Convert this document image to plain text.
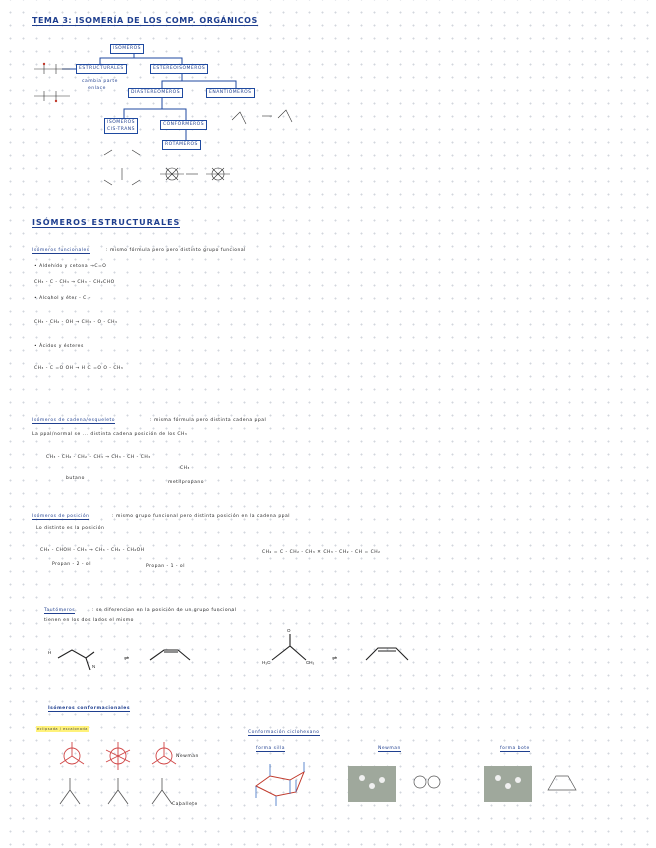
TEMA 3: ISOMERÍA DE LOS COMP. ORGÁNICOS
ISÓMEROS
ESTRUCTURALES	ESTEREOISÓMEROS
cambia parte
enlace
DIASTEREÓMEROS	ENANTIÓMEROS
ISÓMEROS
CIS-TRANS
CONFÓRMEROS
ROTÁMEROS
ISÓMEROS ESTRUCTURALES
Isómeros funcionales	: mismo fórmula pero pero distinto grupo funcional
• Aldehído y cetona →C=O
CH₃ - C - CH₃ → CH₃ - CH₂CHO
• Alcohol y éter - C -
CH₃ - CH₂ - OH → CH₃ - O - CH₃
• Ácidos y ésteres
CH₃ - C =O OH → H C =O O - CH₃
Isómeros de cadena/esqueleto	: misma fórmula pero distinta cadena ppal
La ppal/normal se ... distinta cadena posición de los CH₃
CH₃ - CH₂ - CH₂ - CH₃ → CH₃ - CH - CH₃
CH₃
butano
metilpropano
Isómeros de posición	: mismo grupo funcional pero distinta posición en la cadena ppal
Lo distinto es la posición
CH₃ - CHOH - CH₃ → CH₃ - CH₂ - CH₂OH
Propan - 2 - ol	Propan - 1 - ol
CH₂ = C - CH₂ - CH₃ ✕ CH₃ - CH₂ - CH = CH₂
Tautómeros	: se diferencian en la posición de un grupo funcional
tienen en los dos lados el mismo
⇌	⇌
H
N
H₃C	CH₃
O
Isómeros conformacionales
eclipsada / escalonada
Newman
Caballete
Conformación ciclohexano
forma silla	Newman	forma bote
